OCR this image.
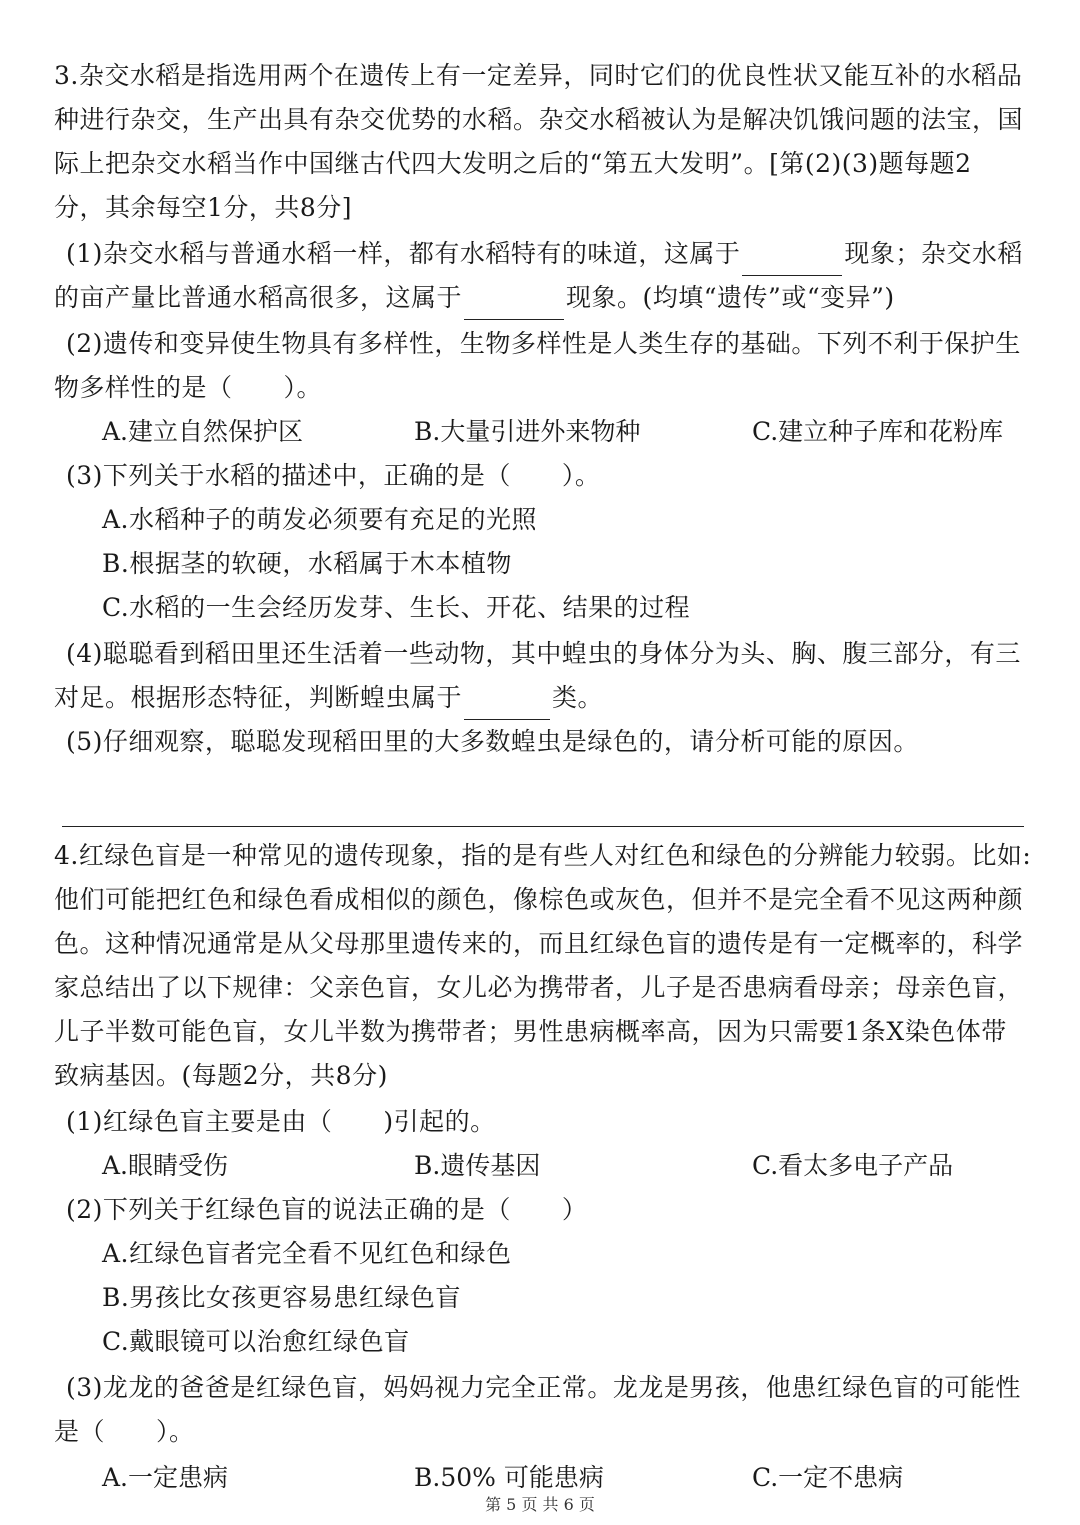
3.杂交水稻是指选用两个在遗传上有一定差异，同时它们的优良性状又能互补的水稻品
种进行杂交，生产出具有杂交优势的水稻。杂交水稻被认为是解决饥饿问题的法宝，国
际上把杂交水稻当作中国继古代四大发明之后的“第五大发明”。[第(2)(3)题每题2
分，其余每空1分，共8分]
(1)杂交水稻与普通水稻一样，都有水稻特有的味道，这属于	现象；杂交水稻
的亩产量比普通水稻高很多，这属于	现象。(均填“遗传”或“变异”)
(2)遗传和变异使生物具有多样性，生物多样性是人类生存的基础。下列不利于保护生
物多样性的是（　　）。
A.建立自然保护区	B.大量引进外来物种	C.建立种子库和花粉库
(3)下列关于水稻的描述中，正确的是（　　）。
A.水稻种子的萌发必须要有充足的光照
B.根据茎的软硬，水稻属于木本植物
C.水稻的一生会经历发芽、生长、开花、结果的过程
(4)聪聪看到稻田里还生活着一些动物，其中蝗虫的身体分为头、胸、腹三部分，有三
对足。根据形态特征，判断蝗虫属于	类。
(5)仔细观察，聪聪发现稻田里的大多数蝗虫是绿色的，请分析可能的原因。
4.红绿色盲是一种常见的遗传现象，指的是有些人对红色和绿色的分辨能力较弱。比如:
他们可能把红色和绿色看成相似的颜色，像棕色或灰色，但并不是完全看不见这两种颜
色。这种情况通常是从父母那里遗传来的，而且红绿色盲的遗传是有一定概率的，科学
家总结出了以下规律：父亲色盲，女儿必为携带者，儿子是否患病看母亲；母亲色盲，
儿子半数可能色盲，女儿半数为携带者；男性患病概率高，因为只需要1条X染色体带
致病基因。(每题2分，共8分)
(1)红绿色盲主要是由（　　)引起的。
A.眼睛受伤	B.遗传基因	C.看太多电子产品
(2)下列关于红绿色盲的说法正确的是（　　）
A.红绿色盲者完全看不见红色和绿色
B.男孩比女孩更容易患红绿色盲
C.戴眼镜可以治愈红绿色盲
(3)龙龙的爸爸是红绿色盲，妈妈视力完全正常。龙龙是男孩，他患红绿色盲的可能性
是（　　）。
A.一定患病	B.50% 可能患病	C.一定不患病
第 5 页 共 6 页
